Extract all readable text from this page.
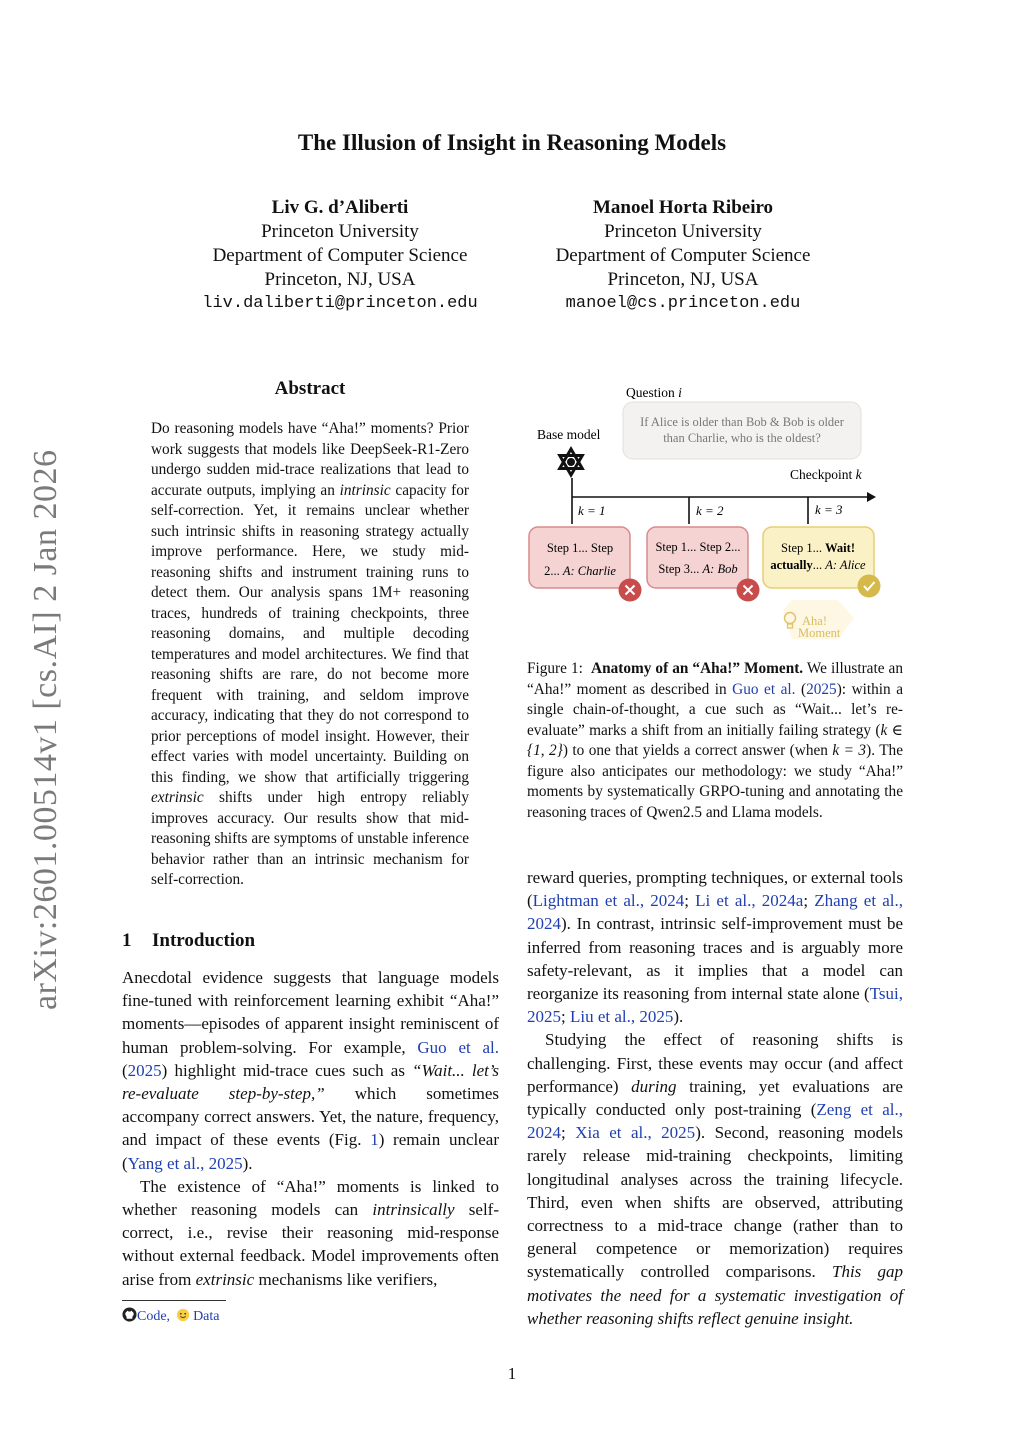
The Illusion of Insight in Reasoning Models
Liv G. d’Aliberti
Princeton University
Department of Computer Science
Princeton, NJ, USA
liv.daliberti@princeton.edu
Manoel Horta Ribeiro
Princeton University
Department of Computer Science
Princeton, NJ, USA
manoel@cs.princeton.edu
arXiv:2601.00514v1 [cs.AI] 2 Jan 2026
Abstract
Do reasoning models have “Aha!” moments? Prior work suggests that models like DeepSeek-R1-Zero undergo sudden mid-trace realizations that lead to accurate outputs, implying an intrinsic capacity for self-correction. Yet, it remains unclear whether such intrinsic shifts in reasoning strategy actually improve performance. Here, we study mid-reasoning shifts and instrument training runs to detect them. Our analysis spans 1M+ reasoning traces, hundreds of training checkpoints, three reasoning domains, and multiple decoding temperatures and model architectures. We find that reasoning shifts are rare, do not become more frequent with training, and seldom improve accuracy, indicating that they do not correspond to prior perceptions of model insight. However, their effect varies with model uncertainty. Building on this finding, we show that artificially triggering extrinsic shifts under high entropy reliably improves accuracy. Our results show that mid-reasoning shifts are symptoms of unstable inference behavior rather than an intrinsic mechanism for self-correction.
1 Introduction

Anecdotal evidence suggests that language models fine-tuned with reinforcement learning exhibit “Aha!” moments—episodes of apparent insight reminiscent of human problem-solving. For example, Guo et al. (2025) highlight mid-trace cues such as “Wait... let’s re-evaluate step-by-step,” which sometimes accompany correct answers. Yet, the nature, frequency, and impact of these events (Fig. 1) remain unclear (Yang et al., 2025).

The existence of “Aha!” moments is linked to whether reasoning models can intrinsically self-correct, i.e., revise their reasoning mid-response without external feedback. Model improvements often arise from extrinsic mechanisms like verifiers,

Question i
If Alice is older than Bob & Bob is older
than Charlie, who is the oldest?
Base model
Checkpoint k
k = 1	k = 2	k = 3
Step 1... Step
2... A: Charlie
Step 1... Step 2...
Step 3... A: Bob
Step 1... Wait!
actually... A: Alice
Aha!
Moment
Figure 1: Anatomy of an “Aha!” Moment. We illustrate an “Aha!” moment as described in Guo et al. (2025): within a single chain-of-thought, a cue such as “Wait... let’s re-evaluate” marks a shift from an initially failing strategy (k ∈ {1, 2}) to one that yields a correct answer (when k = 3). The figure also anticipates our methodology: we study “Aha!” moments by systematically GRPO-tuning and annotating the reasoning traces of Qwen2.5 and Llama models.

reward queries, prompting techniques, or external tools (Lightman et al., 2024; Li et al., 2024a; Zhang et al., 2024). In contrast, intrinsic self-improvement must be inferred from reasoning traces and is arguably more safety-relevant, as it implies that a model can reorganize its reasoning from internal state alone (Tsui, 2025; Liu et al., 2025).

Studying the effect of reasoning shifts is challenging. First, these events may occur (and affect performance) during training, yet evaluations are typically conducted only post-training (Zeng et al., 2024; Xia et al., 2025). Second, reasoning models rarely release mid-training checkpoints, limiting longitudinal analyses across the training lifecycle. Third, even when shifts are observed, attributing correctness to a mid-trace change (rather than to general competence or memorization) requires systematically controlled comparisons. This gap motivates the need for a systematic investigation of whether reasoning shifts reflect genuine insight.

Code, Data
1
